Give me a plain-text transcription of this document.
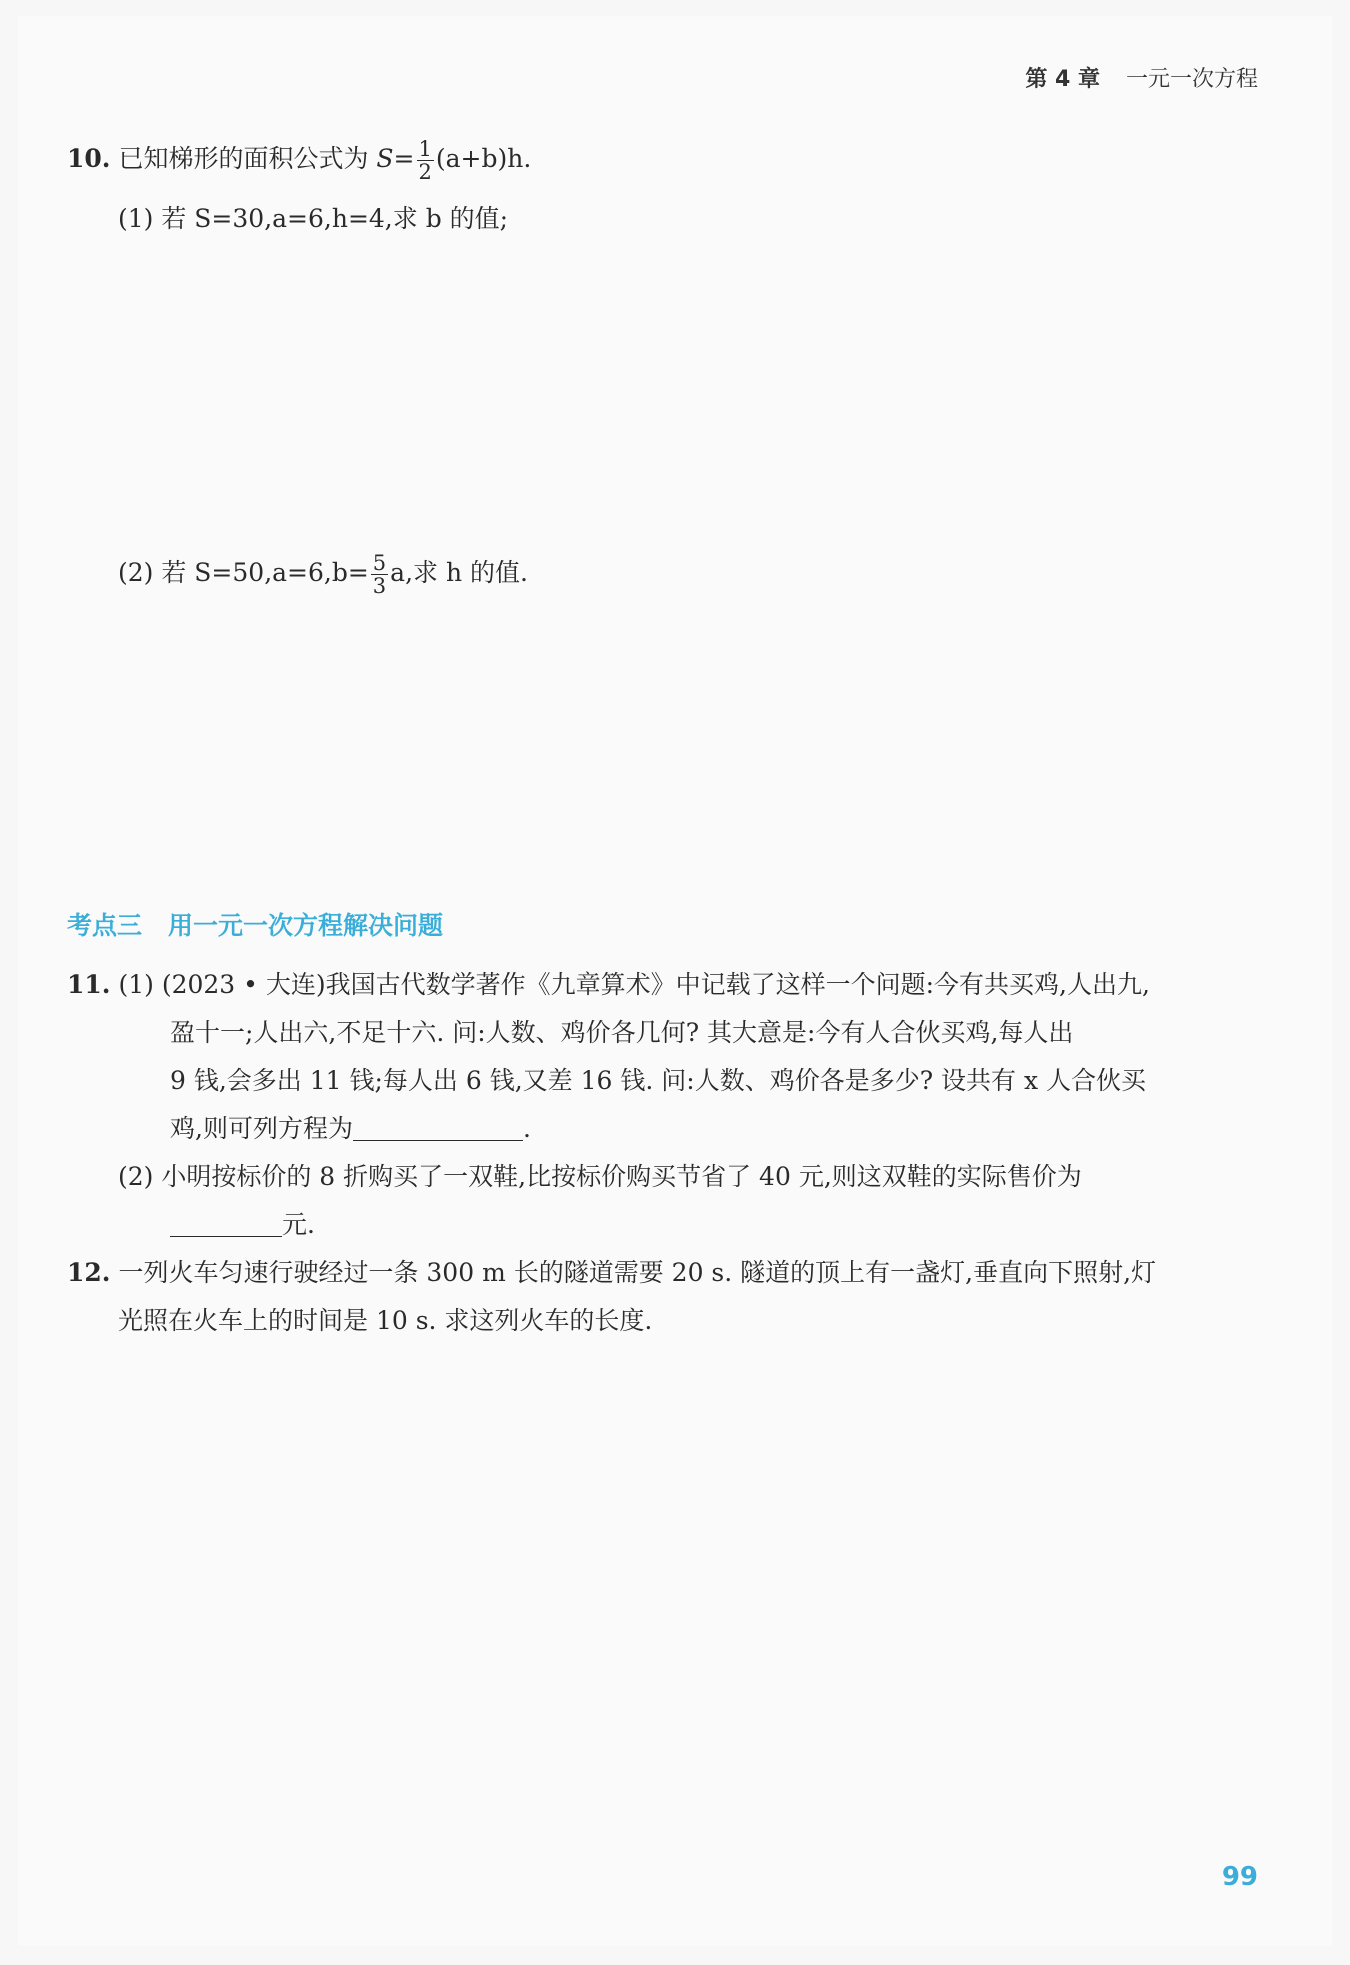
第 4 章 一元一次方程
10. 已知梯形的面积公式为 $S= \frac{1}{2} (a+b)h$.
(1) 若 S=30,a=6,h=4,求 b 的值;
(2) 若 $S=50,a=6,b= \frac{5}{3} a$,求 h 的值.
考点三 用一元一次方程解决问题
11. (1) (2023 • 大连)我国古代数学著作《九章算术》中记载了这样一个问题:今有共买鸡,人出九,
盈十一;人出六,不足十六. 问:人数、鸡价各几何? 其大意是:今有人合伙买鸡,每人出
9 钱,会多出 11 钱;每人出 6 钱,又差 16 钱. 问:人数、鸡价各是多少? 设共有 x 人合伙买
鸡,则可列方程为	.
(2) 小明按标价的 8 折购买了一双鞋,比按标价购买节省了 40 元,则这双鞋的实际售价为
元.
12. 一列火车匀速行驶经过一条 300 m 长的隧道需要 20 s. 隧道的顶上有一盏灯,垂直向下照射,灯
光照在火车上的时间是 10 s. 求这列火车的长度.
99
